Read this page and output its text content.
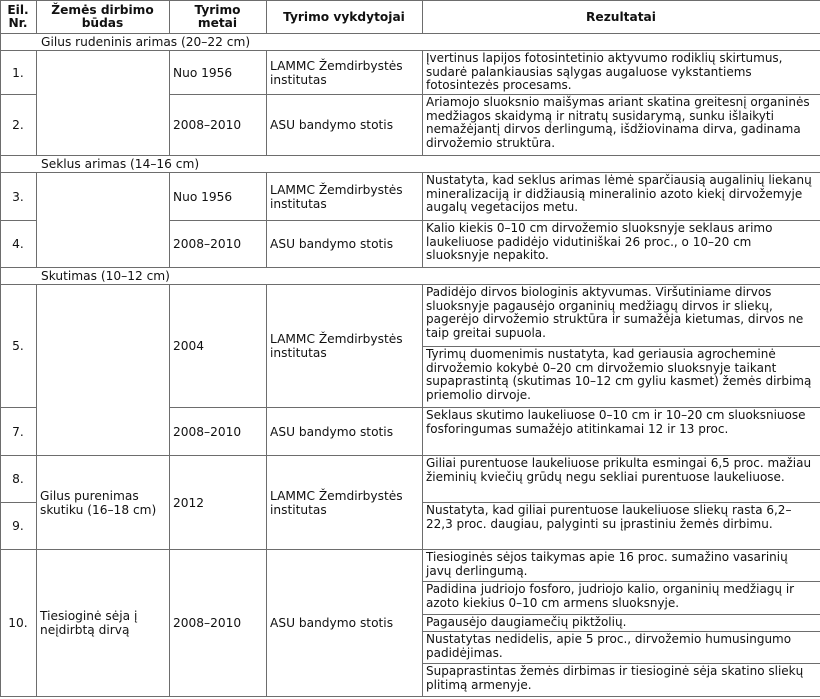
Eil. Nr.	Žemės dirbimo būdas	Tyrimo metai	Tyrimo vykdytojai	Rezultatai
Gilus rudeninis arimas (20–22 cm)				
1.		Nuo 1956	LAMMC Žemdirbystės institutas	Įvertinus lapijos fotosintetinio aktyvumo rodiklių skirtumus, sudarė palankiausias sąlygas augaluose vykstantiems fotosintezės procesams.
2.		2008–2010	ASU bandymo stotis	Ariamojo sluoksnio maišymas ariant skatina greitesnį organinės medžiagos skaidymą ir nitratų susidarymą, sunku išlaikyti nemažėjantį dirvos derlingumą, išdžiovinama dirva, gadinama dirvožemio struktūra.
Seklus arimas (14–16 cm)				
3.		Nuo 1956	LAMMC Žemdirbystės institutas	Nustatyta, kad seklus arimas lėmė sparčiausią augalinių liekanų mineralizaciją ir didžiausią mineralinio azoto kiekį dirvožemyje augalų vegetacijos metu.
4.		2008–2010	ASU bandymo stotis	Kalio kiekis 0–10 cm dirvožemio sluoksnyje seklaus arimo laukeliuose padidėjo vidutiniškai 26 proc., o 10–20 cm sluoksnyje nepakito.
Skutimas (10–12 cm)				
5.		2004	LAMMC Žemdirbystės institutas	Padidėjo dirvos biologinis aktyvumas. Viršutiniame dirvos sluoksnyje pagausėjo organinių medžiagų dirvos ir sliekų, pagerėjo dirvožemio struktūra ir sumažėja kietumas, dirvos ne taip greitai supuola.
				Tyrimų duomenimis nustatyta, kad geriausia agrocheminė dirvožemio kokybė 0–20 cm dirvožemio sluoksnyje taikant supaprastintą (skutimas 10–12 cm gyliu kasmet) žemės dirbimą priemolio dirvoje.
7.		2008–2010	ASU bandymo stotis	Seklaus skutimo laukeliuose 0–10 cm ir 10–20 cm sluoksniuose fosforingumas sumažėjo atitinkamai 12 ir 13 proc.
8.	Gilus purenimas skutiku (16–18 cm)	2012	LAMMC Žemdirbystės institutas	Giliai purentuose laukeliuose prikulta esmingai 6,5 proc. mažiau žieminių kviečių grūdų negu sekliai purentuose laukeliuose.
9.				Nustatyta, kad giliai purentuose laukeliuose sliekų rasta 6,2–22,3 proc. daugiau, palyginti su įprastiniu žemės dirbimu.
10.	Tiesioginė sėja į neįdirbtą dirvą	2008–2010	ASU bandymo stotis	Tiesioginės sėjos taikymas apie 16 proc. sumažino vasarinių javų derlingumą.
				Padidina judriojo fosforo, judriojo kalio, organinių medžiagų ir azoto kiekius 0–10 cm armens sluoksnyje.
				Pagausėjo daugiamečių piktžolių.
				Nustatytas nedidelis, apie 5 proc., dirvožemio humusingumo padidėjimas.
				Supaprastintas žemės dirbimas ir tiesioginė sėja skatino sliekų plitimą armenyje.
